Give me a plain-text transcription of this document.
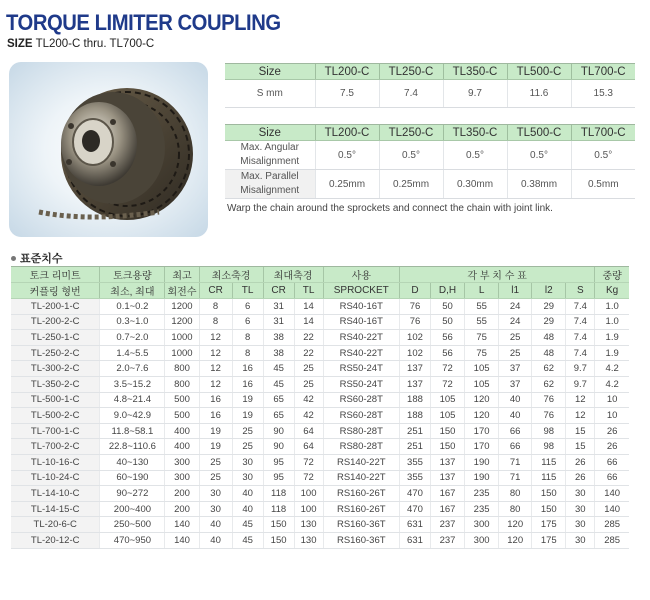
TORQUE LIMITER COUPLING
SIZE TL200-C thru. TL700-C
Size	TL200-C	TL250-C	TL350-C	TL500-C	TL700-C
S mm	7.5	7.4	9.7	11.6	15.3
Size	TL200-C	TL250-C	TL350-C	TL500-C	TL700-C
Max. Angular
Misalignment	0.5°	0.5°	0.5°	0.5°	0.5°
Max. Parallel
Misalignment	0.25mm	0.25mm	0.30mm	0.38mm	0.5mm
Warp the chain around the sprockets and connect the chain with joint link.
표준치수
토크 리미트	토크용량	최고	최소축경		최대축경		사용	각 부 치 수 표						중량
커플링 형번	최소, 최대	회전수	CR	TL	CR	TL	SPROCKET	D	D,H	L	l1	l2	S	Kg
TL-200-1-C	0.1~0.2	1200	8	6	31	14	RS40-16T	76	50	55	24	29	7.4	1.0
TL-200-2-C	0.3~1.0	1200	8	6	31	14	RS40-16T	76	50	55	24	29	7.4	1.0
TL-250-1-C	0.7~2.0	1000	12	8	38	22	RS40-22T	102	56	75	25	48	7.4	1.9
TL-250-2-C	1.4~5.5	1000	12	8	38	22	RS40-22T	102	56	75	25	48	7.4	1.9
TL-300-2-C	2.0~7.6	800	12	16	45	25	RS50-24T	137	72	105	37	62	9.7	4.2
TL-350-2-C	3.5~15.2	800	12	16	45	25	RS50-24T	137	72	105	37	62	9.7	4.2
TL-500-1-C	4.8~21.4	500	16	19	65	42	RS60-28T	188	105	120	40	76	12	10
TL-500-2-C	9.0~42.9	500	16	19	65	42	RS60-28T	188	105	120	40	76	12	10
TL-700-1-C	11.8~58.1	400	19	25	90	64	RS80-28T	251	150	170	66	98	15	26
TL-700-2-C	22.8~110.6	400	19	25	90	64	RS80-28T	251	150	170	66	98	15	26
TL-10-16-C	40~130	300	25	30	95	72	RS140-22T	355	137	190	71	115	26	66
TL-10-24-C	60~190	300	25	30	95	72	RS140-22T	355	137	190	71	115	26	66
TL-14-10-C	90~272	200	30	40	118	100	RS160-26T	470	167	235	80	150	30	140
TL-14-15-C	200~400	200	30	40	118	100	RS160-26T	470	167	235	80	150	30	140
TL-20-6-C	250~500	140	40	45	150	130	RS160-36T	631	237	300	120	175	30	285
TL-20-12-C	470~950	140	40	45	150	130	RS160-36T	631	237	300	120	175	30	285
